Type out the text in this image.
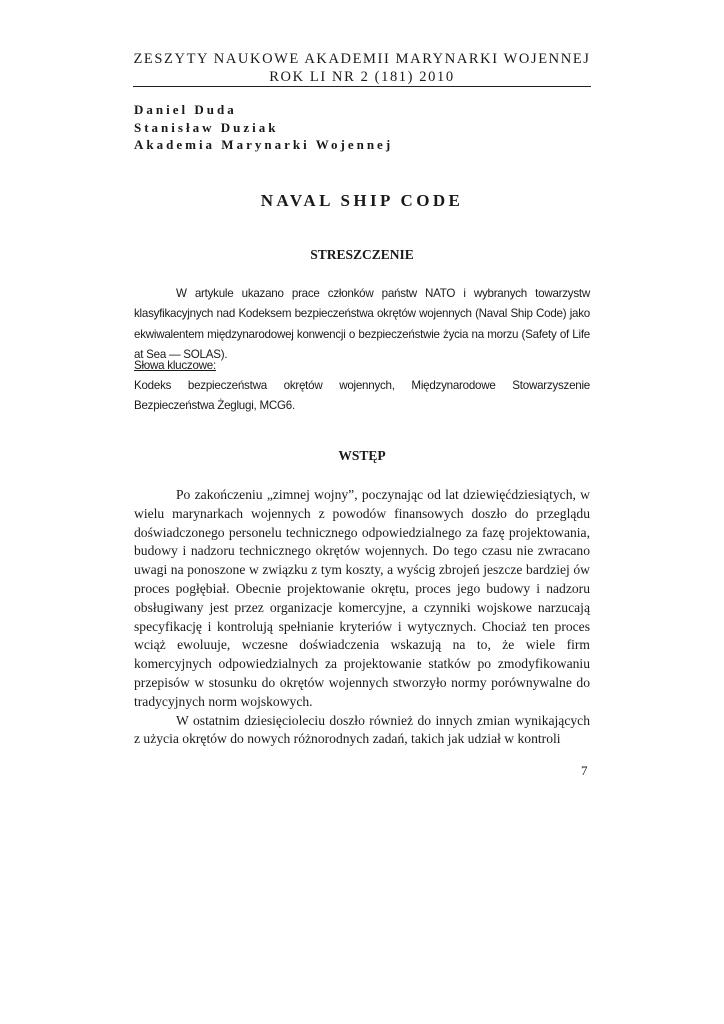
ZESZYTY NAUKOWE AKADEMII MARYNARKI WOJENNEJ
ROK LI NR 2 (181) 2010
Daniel Duda
Stanisław Duziak
Akademia Marynarki Wojennej
NAVAL SHIP CODE
STRESZCZENIE

W artykule ukazano prace członków państw NATO i wybranych towarzystw klasyfikacyjnych nad Kodeksem bezpieczeństwa okrętów wojennych (Naval Ship Code) jako ekwiwalentem międzynarodowej konwencji o bezpieczeństwie życia na morzu (Safety of Life at Sea — SOLAS).

Słowa kluczowe:

Kodeks bezpieczeństwa okrętów wojennych, Międzynarodowe Stowarzyszenie Bezpieczeństwa Żeglugi, MCG6.

WSTĘP

Po zakończeniu „zimnej wojny”, poczynając od lat dziewięćdziesiątych, w wielu marynarkach wojennych z powodów finansowych doszło do przeglądu doświadczonego personelu technicznego odpowiedzialnego za fazę projektowania, budowy i nadzoru technicznego okrętów wojennych. Do tego czasu nie zwracano uwagi na ponoszone w związku z tym koszty, a wyścig zbrojeń jeszcze bardziej ów proces pogłębiał. Obecnie projektowanie okrętu, proces jego budowy i nadzoru obsługiwany jest przez organizacje komercyjne, a czynniki wojskowe narzucają specyfikację i kontrolują spełnianie kryteriów i wytycznych. Chociaż ten proces wciąż ewoluuje, wczesne doświadczenia wskazują na to, że wiele firm komercyjnych odpowiedzialnych za projektowanie statków po zmodyfikowaniu przepisów w stosunku do okrętów wojennych stworzyło normy porównywalne do tradycyjnych norm wojskowych.

W ostatnim dziesięcioleciu doszło również do innych zmian wynikających z użycia okrętów do nowych różnorodnych zadań, takich jak udział w kontroli

7
